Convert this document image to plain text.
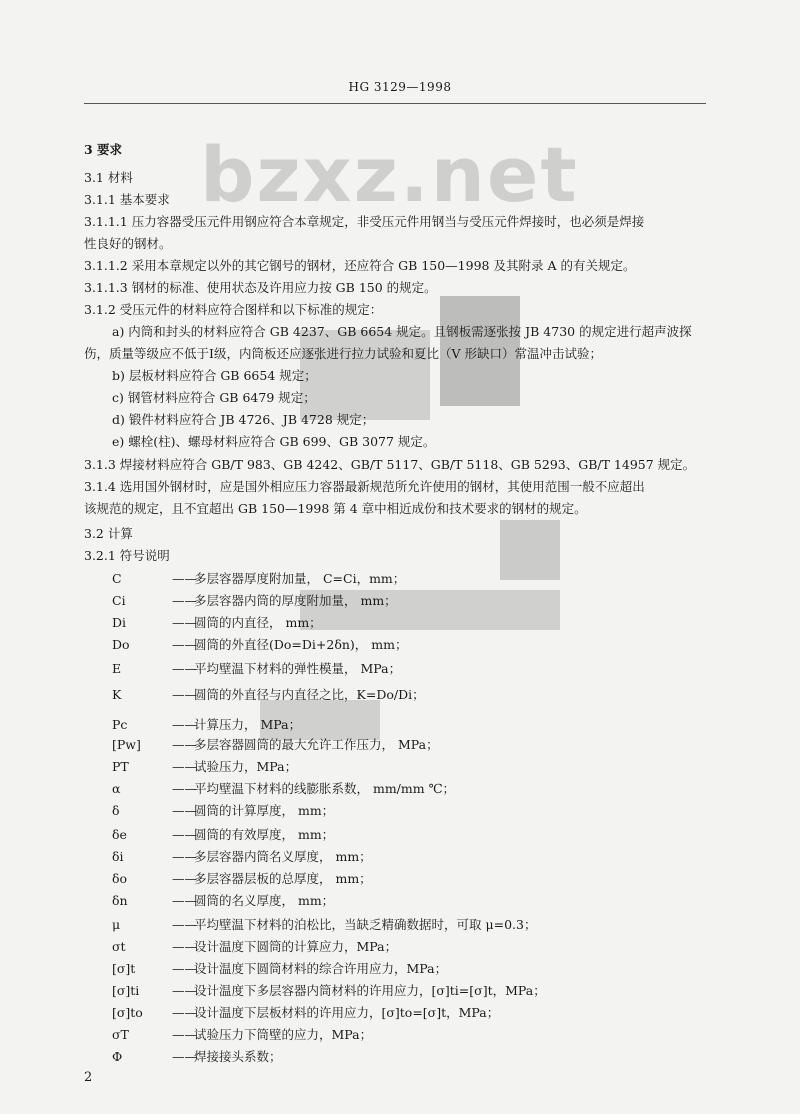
bzxz.net
HG 3129—1998
3 要求
3.1 材料
3.1.1 基本要求
3.1.1.1 压力容器受压元件用钢应符合本章规定，非受压元件用钢当与受压元件焊接时，也必须是焊接
性良好的钢材。
3.1.1.2 采用本章规定以外的其它钢号的钢材，还应符合 GB 150—1998 及其附录 A 的有关规定。
3.1.1.3 钢材的标准、使用状态及许用应力按 GB 150 的规定。
3.1.2 受压元件的材料应符合图样和以下标准的规定：
a) 内筒和封头的材料应符合 GB 4237、GB 6654 规定。且钢板需逐张按 JB 4730 的规定进行超声波探
伤，质量等级应不低于Ⅰ级，内筒板还应逐张进行拉力试验和夏比（V 形缺口）常温冲击试验；
b) 层板材料应符合 GB 6654 规定；
c) 钢管材料应符合 GB 6479 规定；
d) 锻件材料应符合 JB 4726、JB 4728 规定；
e) 螺栓(柱)、螺母材料应符合 GB 699、GB 3077 规定。
3.1.3 焊接材料应符合 GB/T 983、GB 4242、GB/T 5117、GB/T 5118、GB 5293、GB/T 14957 规定。
3.1.4 选用国外钢材时，应是国外相应压力容器最新规范所允许使用的钢材，其使用范围一般不应超出
该规范的规定，且不宜超出 GB 150—1998 第 4 章中相近成份和技术要求的钢材的规定。
3.2 计算
3.2.1 符号说明
C	——多层容器厚度附加量， C=Ci，mm；
Ci	——多层容器内筒的厚度附加量， mm；
Di	——圆筒的内直径， mm；
Do	——圆筒的外直径(Do=Di+2δn)， mm；
E	——平均壁温下材料的弹性模量， MPa；
K	——圆筒的外直径与内直径之比，K=Do/Di；
Pc	——计算压力， MPa；
[Pw] ——多层容器圆筒的最大允许工作压力， MPa；
PT	——试验压力，MPa；
α	——平均壁温下材料的线膨胀系数， mm/mm ℃；
δ	——圆筒的计算厚度， mm；
δe	——圆筒的有效厚度， mm；
δi	——多层容器内筒名义厚度， mm；
δo	——多层容器层板的总厚度， mm；
δn	——圆筒的名义厚度， mm；
μ	——平均壁温下材料的泊松比，当缺乏精确数据时，可取 μ=0.3；
σt	——设计温度下圆筒的计算应力，MPa；
[σ]t	——设计温度下圆筒材料的综合许用应力，MPa；
[σ]ti	——设计温度下多层容器内筒材料的许用应力，[σ]ti=[σ]t，MPa；
[σ]to ——设计温度下层板材料的许用应力，[σ]to=[σ]t，MPa；
σT	——试验压力下筒壁的应力，MPa；
Φ	——焊接接头系数；
2
